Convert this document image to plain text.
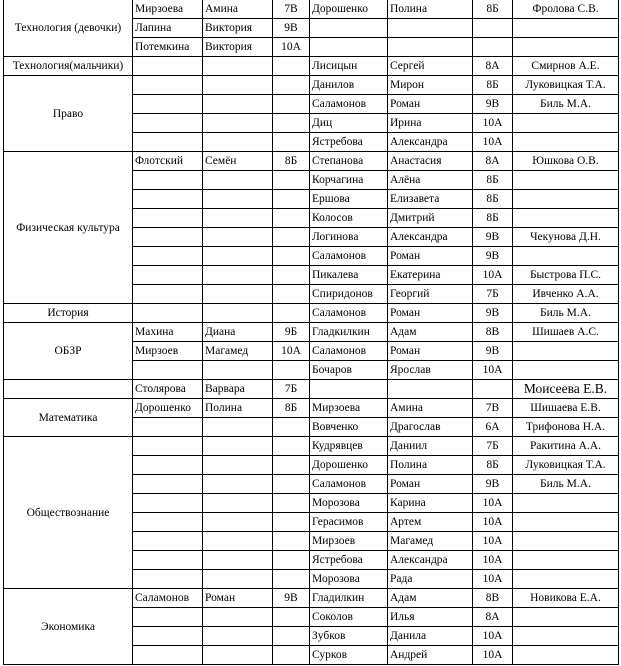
Технология (девочки)	Мирзоева	Амина	7В	Дорошенко	Полина	8Б	Фролова С.В.
	Лапина	Виктория	9В				
	Потемкина	Виктория	10А				
Технология(мальчики)				Лисицын	Сергей	8А	Смирнов А.Е.
Право				Данилов	Мирон	8Б	Луковицкая Т.А.
				Саламонов	Роман	9В	Биль М.А.
				Диц	Ирина	10А	
				Ястребова	Александра	10А	
Физическая культура	Флотский	Семён	8Б	Степанова	Анастасия	8А	Юшкова О.В.
				Корчагина	Алёна	8Б	
				Ершова	Елизавета	8Б	
				Колосов	Дмитрий	8Б	
				Логинова	Александра	9В	Чекунова Д.Н.
				Саламонов	Роман	9В	
				Пикалева	Екатерина	10А	Быстрова П.С.
				Спиридонов	Георгий	7Б	Ивченко А.А.
История				Саламонов	Роман	9В	Биль М.А.
ОБЗР	Махина	Диана	9Б	Гладкилкин	Адам	8В	Шишаев А.С.
	Мирзоев	Магамед	10А	Саламонов	Роман	9В	
				Бочаров	Ярослав	10А	
	Столярова	Варвара	7Б				Моисеева Е.В.
Математика	Дорошенко	Полина	8Б	Мирзоева	Амина	7В	Шишаева Е.В.
				Вовченко	Драгослав	6А	Трифонова Н.А.
Обществознание				Кудрявцев	Даниил	7Б	Ракитина А.А.
				Дорошенко	Полина	8Б	Луковицкая Т.А.
				Саламонов	Роман	9В	Биль М.А.
				Морозова	Карина	10А	
				Герасимов	Артем	10А	
				Мирзоев	Магамед	10А	
				Ястребова	Александра	10А	
				Морозова	Рада	10А	
Экономика	Саламонов	Роман	9В	Гладилкин	Адам	8В	Новикова Е.А.
				Соколов	Илья	8А	
				Зубков	Данила	10А	
				Сурков	Андрей	10А	
